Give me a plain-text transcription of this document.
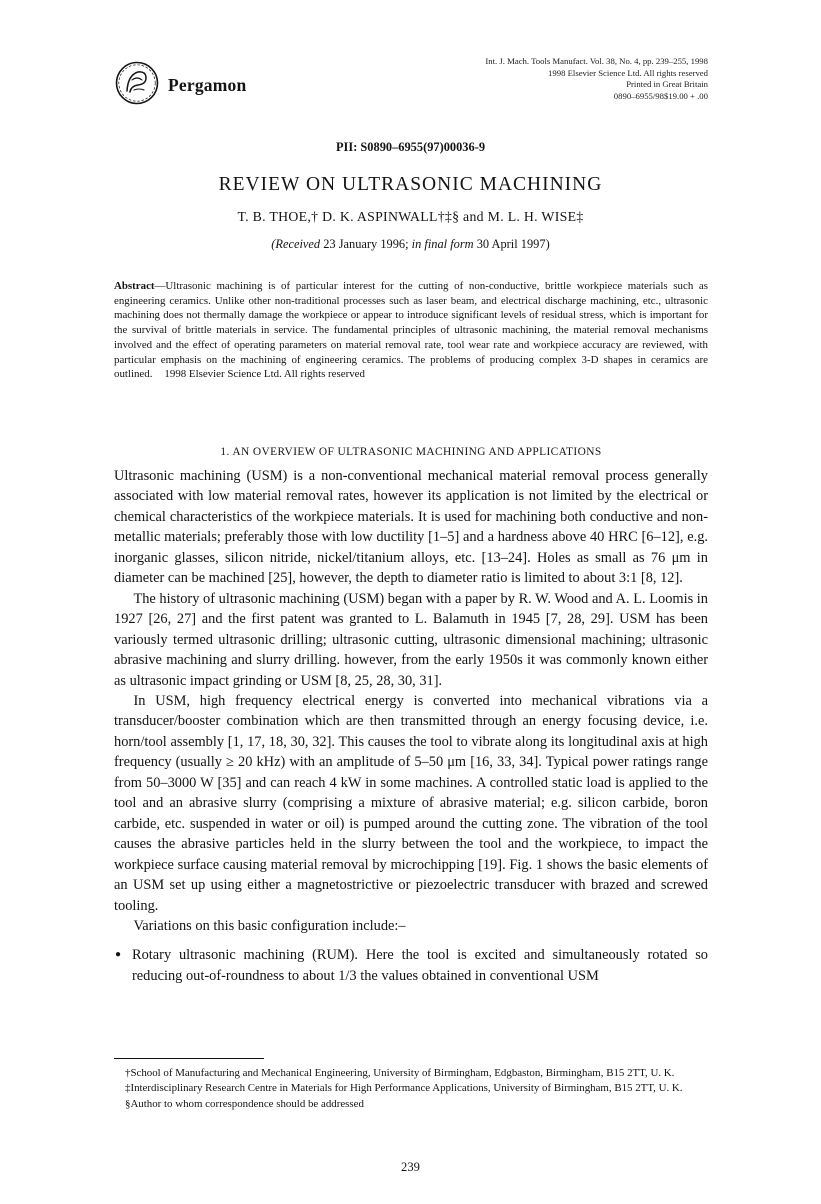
Pergamon
Int. J. Mach. Tools Manufact. Vol. 38, No. 4, pp. 239–255, 1998
1998 Elsevier Science Ltd. All rights reserved
Printed in Great Britain
0890–6955/98$19.00 + .00
PII: S0890–6955(97)00036-9
REVIEW ON ULTRASONIC MACHINING
T. B. THOE,† D. K. ASPINWALL†‡§ and M. L. H. WISE‡
(Received 23 January 1996; in final form 30 April 1997)
Abstract—Ultrasonic machining is of particular interest for the cutting of non-conductive, brittle workpiece materials such as engineering ceramics. Unlike other non-traditional processes such as laser beam, and electrical discharge machining, etc., ultrasonic machining does not thermally damage the workpiece or appear to introduce significant levels of residual stress, which is important for the survival of brittle materials in service. The fundamental principles of ultrasonic machining, the material removal mechanisms involved and the effect of operating parameters on material removal rate, tool wear rate and workpiece accuracy are reviewed, with particular emphasis on the machining of engineering ceramics. The problems of producing complex 3-D shapes in ceramics are outlined. 1998 Elsevier Science Ltd. All rights reserved
1. AN OVERVIEW OF ULTRASONIC MACHINING AND APPLICATIONS

Ultrasonic machining (USM) is a non-conventional mechanical material removal process generally associated with low material removal rates, however its application is not limited by the electrical or chemical characteristics of the workpiece materials. It is used for machining both conductive and non-metallic materials; preferably those with low ductility [1–5] and a hardness above 40 HRC [6–12], e.g. inorganic glasses, silicon nitride, nickel/titanium alloys, etc. [13–24]. Holes as small as 76 μm in diameter can be machined [25], however, the depth to diameter ratio is limited to about 3:1 [8, 12].

The history of ultrasonic machining (USM) began with a paper by R. W. Wood and A. L. Loomis in 1927 [26, 27] and the first patent was granted to L. Balamuth in 1945 [7, 28, 29]. USM has been variously termed ultrasonic drilling; ultrasonic cutting, ultrasonic dimensional machining; ultrasonic abrasive machining and slurry drilling. however, from the early 1950s it was commonly known either as ultrasonic impact grinding or USM [8, 25, 28, 30, 31].

In USM, high frequency electrical energy is converted into mechanical vibrations via a transducer/booster combination which are then transmitted through an energy focusing device, i.e. horn/tool assembly [1, 17, 18, 30, 32]. This causes the tool to vibrate along its longitudinal axis at high frequency (usually ≥ 20 kHz) with an amplitude of 5–50 μm [16, 33, 34]. Typical power ratings range from 50–3000 W [35] and can reach 4 kW in some machines. A controlled static load is applied to the tool and an abrasive slurry (comprising a mixture of abrasive material; e.g. silicon carbide, boron carbide, etc. suspended in water or oil) is pumped around the cutting zone. The vibration of the tool causes the abrasive particles held in the slurry between the tool and the workpiece, to impact the workpiece surface causing material removal by microchipping [19]. Fig. 1 shows the basic elements of an USM set up using either a magnetostrictive or piezoelectric transducer with brazed and screwed tooling.

Variations on this basic configuration include:–

● Rotary ultrasonic machining (RUM). Here the tool is excited and simultaneously rotated so reducing out-of-roundness to about 1/3 the values obtained in conventional USM

†School of Manufacturing and Mechanical Engineering, University of Birmingham, Edgbaston, Birmingham, B15 2TT, U. K.

‡Interdisciplinary Research Centre in Materials for High Performance Applications, University of Birmingham, B15 2TT, U. K.

§Author to whom correspondence should be addressed

239
